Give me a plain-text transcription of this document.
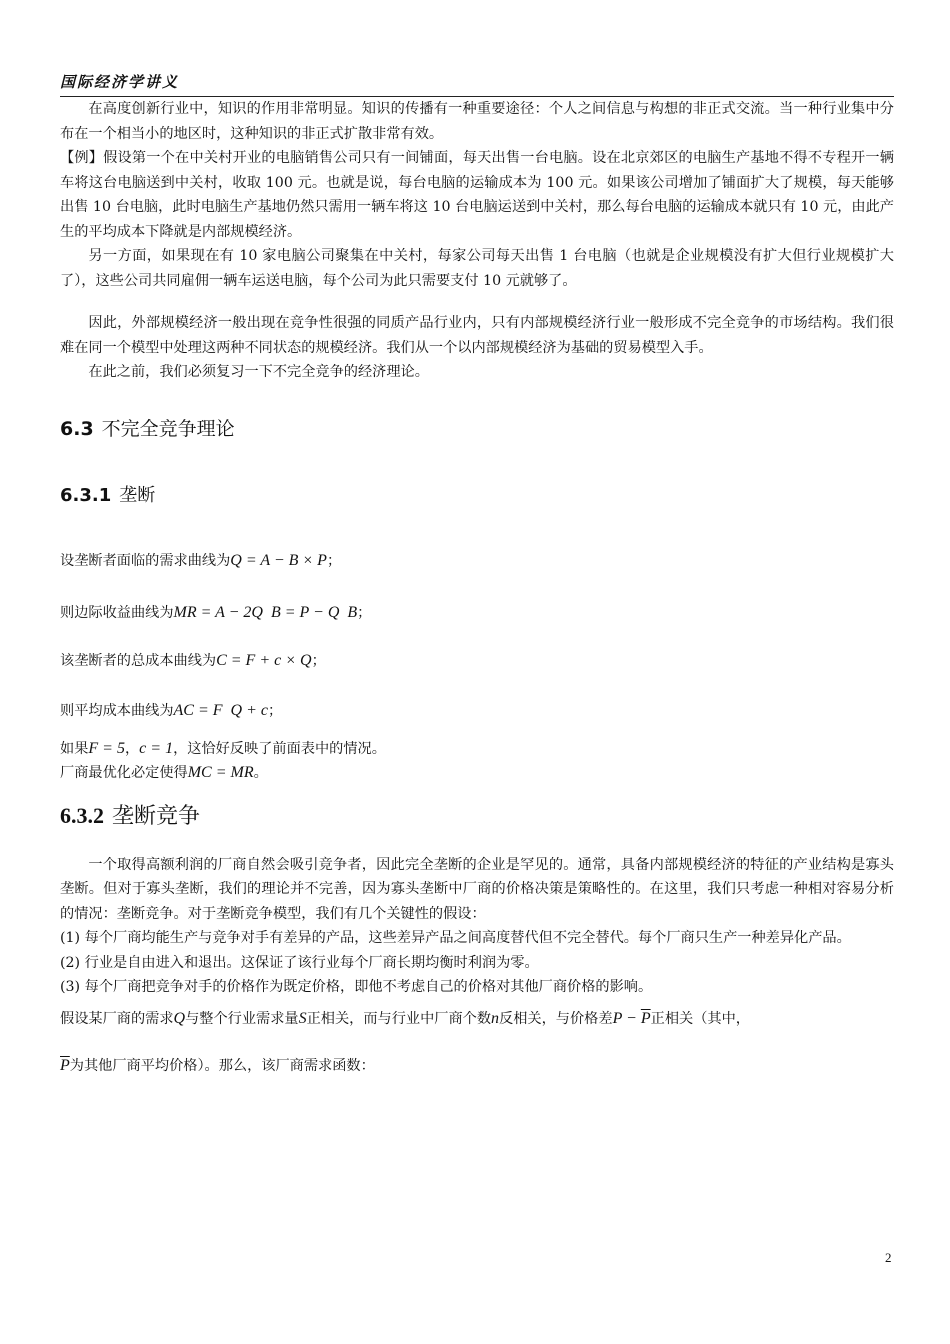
国际经济学讲义

在高度创新行业中，知识的作用非常明显。知识的传播有一种重要途径：个人之间信息与构想的非正式交流。当一种行业集中分布在一个相当小的地区时，这种知识的非正式扩散非常有效。

【例】假设第一个在中关村开业的电脑销售公司只有一间铺面，每天出售一台电脑。设在北京郊区的电脑生产基地不得不专程开一辆车将这台电脑送到中关村，收取 100 元。也就是说，每台电脑的运输成本为 100 元。如果该公司增加了铺面扩大了规模，每天能够出售 10 台电脑，此时电脑生产基地仍然只需用一辆车将这 10 台电脑运送到中关村，那么每台电脑的运输成本就只有 10 元，由此产生的平均成本下降就是内部规模经济。

另一方面，如果现在有 10 家电脑公司聚集在中关村，每家公司每天出售 1 台电脑（也就是企业规模没有扩大但行业规模扩大了），这些公司共同雇佣一辆车运送电脑，每个公司为此只需要支付 10 元就够了。

因此，外部规模经济一般出现在竞争性很强的同质产品行业内，只有内部规模经济行业一般形成不完全竞争的市场结构。我们很难在同一个模型中处理这两种不同状态的规模经济。我们从一个以内部规模经济为基础的贸易模型入手。

在此之前，我们必须复习一下不完全竞争的经济理论。

6.3 不完全竞争理论
6.3.1 垄断

设垄断者面临的需求曲线为Q = A − B × P；

则边际收益曲线为MR = A − 2Q  B = P − Q  B；

该垄断者的总成本曲线为C = F + c × Q；

则平均成本曲线为AC = F  Q + c；

如果F = 5，c = 1，这恰好反映了前面表中的情况。

厂商最优化必定使得MC = MR。

6.3.2 垄断竞争

一个取得高额利润的厂商自然会吸引竞争者，因此完全垄断的企业是罕见的。通常，具备内部规模经济的特征的产业结构是寡头垄断。但对于寡头垄断，我们的理论并不完善，因为寡头垄断中厂商的价格决策是策略性的。在这里，我们只考虑一种相对容易分析的情况：垄断竞争。对于垄断竞争模型，我们有几个关键性的假设：

(1) 每个厂商均能生产与竞争对手有差异的产品，这些差异产品之间高度替代但不完全替代。每个厂商只生产一种差异化产品。

(2) 行业是自由进入和退出。这保证了该行业每个厂商长期均衡时利润为零。

(3) 每个厂商把竞争对手的价格作为既定价格，即他不考虑自己的价格对其他厂商价格的影响。

假设某厂商的需求Q与整个行业需求量S正相关，而与行业中厂商个数n反相关，与价格差$P - \overline{P}$正相关（其中，

$\overline{P}$为其他厂商平均价格）。那么，该厂商需求函数：

2
